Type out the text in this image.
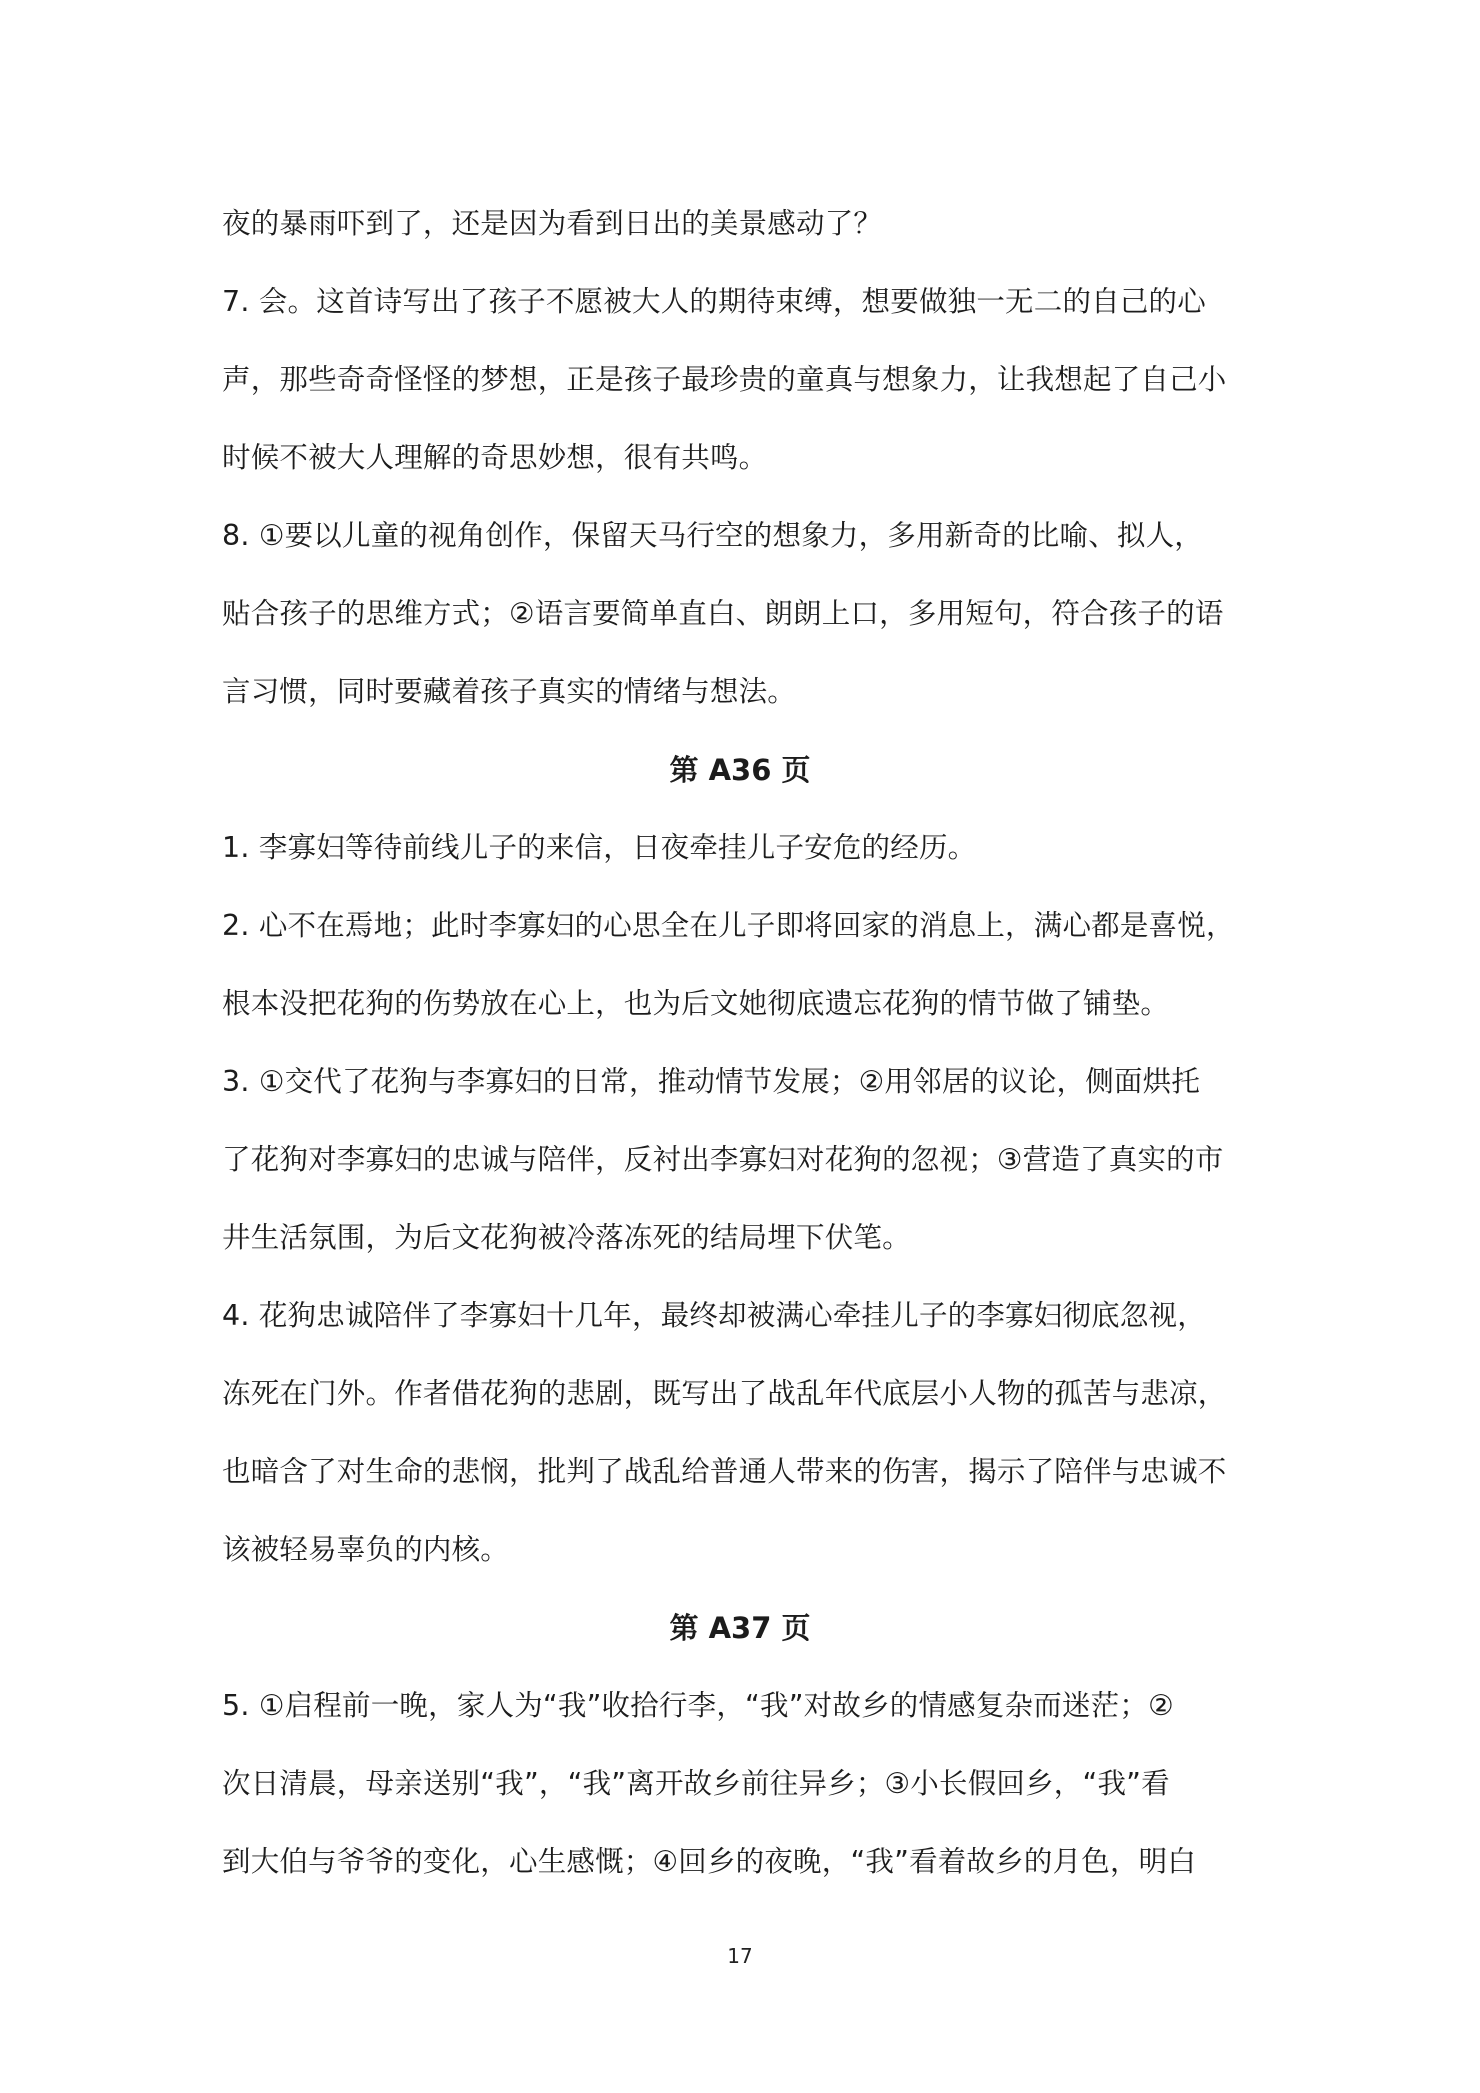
夜的暴雨吓到了，还是因为看到日出的美景感动了？
7. 会。这首诗写出了孩子不愿被大人的期待束缚，想要做独一无二的自己的心
声，那些奇奇怪怪的梦想，正是孩子最珍贵的童真与想象力，让我想起了自己小
时候不被大人理解的奇思妙想，很有共鸣。
8. ①要以儿童的视角创作，保留天马行空的想象力，多用新奇的比喻、拟人，
贴合孩子的思维方式；②语言要简单直白、朗朗上口，多用短句，符合孩子的语
言习惯，同时要藏着孩子真实的情绪与想法。
第 A36 页
1. 李寡妇等待前线儿子的来信，日夜牵挂儿子安危的经历。
2. 心不在焉地；此时李寡妇的心思全在儿子即将回家的消息上，满心都是喜悦，
根本没把花狗的伤势放在心上，也为后文她彻底遗忘花狗的情节做了铺垫。
3. ①交代了花狗与李寡妇的日常，推动情节发展；②用邻居的议论，侧面烘托
了花狗对李寡妇的忠诚与陪伴，反衬出李寡妇对花狗的忽视；③营造了真实的市
井生活氛围，为后文花狗被冷落冻死的结局埋下伏笔。
4. 花狗忠诚陪伴了李寡妇十几年，最终却被满心牵挂儿子的李寡妇彻底忽视，
冻死在门外。作者借花狗的悲剧，既写出了战乱年代底层小人物的孤苦与悲凉，
也暗含了对生命的悲悯，批判了战乱给普通人带来的伤害，揭示了陪伴与忠诚不
该被轻易辜负的内核。
第 A37 页
5. ①启程前一晚，家人为“我”收拾行李，“我”对故乡的情感复杂而迷茫；②
次日清晨，母亲送别“我”，“我”离开故乡前往异乡；③小长假回乡，“我”看
到大伯与爷爷的变化，心生感慨；④回乡的夜晚，“我”看着故乡的月色，明白
17
